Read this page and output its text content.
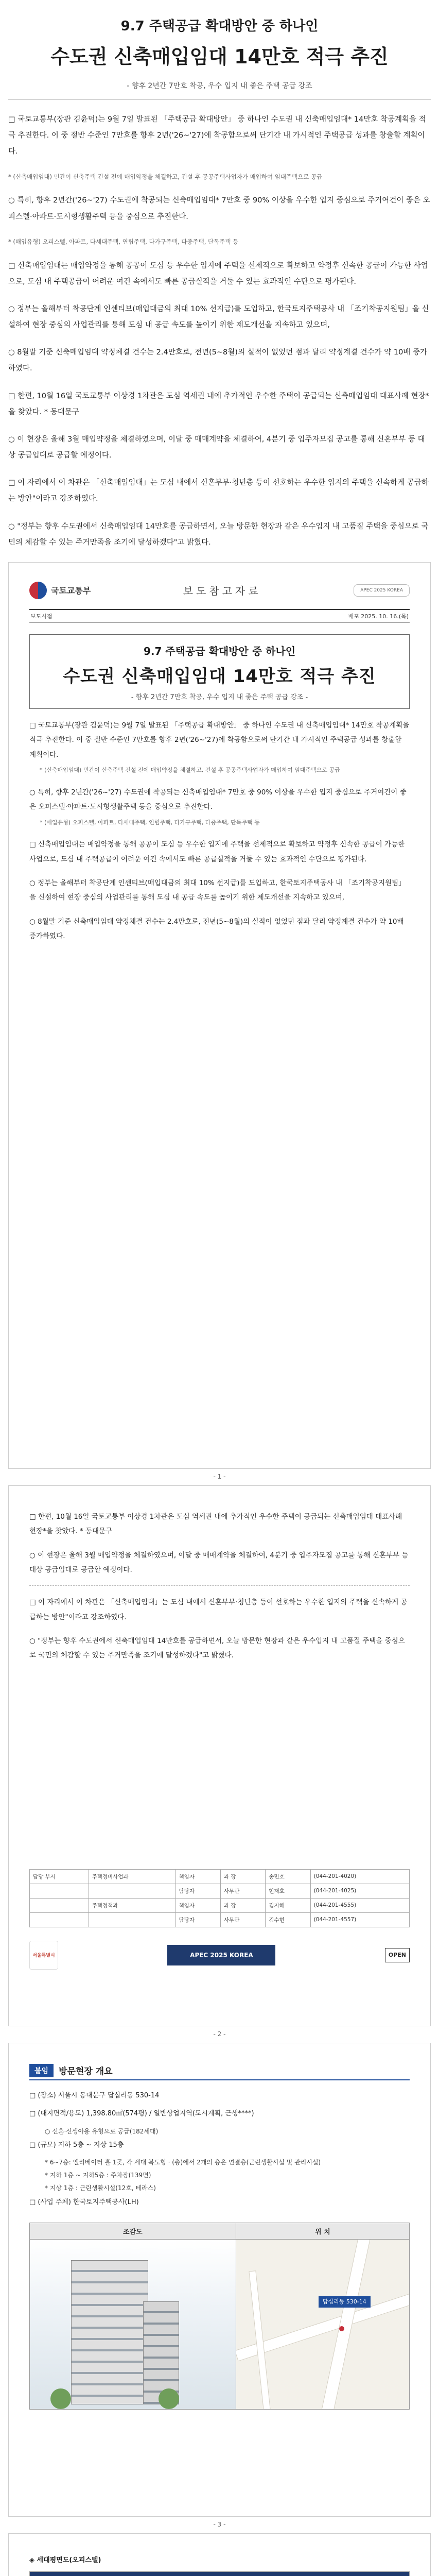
9.7 주택공급 확대방안 중 하나인
수도권 신축매입임대 14만호 적극 추진
- 향후 2년간 7만호 착공, 우수 입지 내 좋은 주택 공급 강조

□ 국토교통부(장관 김윤덕)는 9월 7일 발표된 「주택공급 확대방안」 중 하나인 수도권 내 신축매입임대* 14만호 착공계획을 적극 추진한다. 이 중 절반 수준인 7만호를 향후 2년('26~'27)에 착공함으로써 단기간 내 가시적인 주택공급 성과를 창출할 계획이다.

* (신축매입임대) 민간이 신축주택 건설 전에 매입약정을 체결하고, 건설 후 공공주택사업자가 매입하여 임대주택으로 공급

○ 특히, 향후 2년간('26~'27) 수도권에 착공되는 신축매입임대* 7만호 중 90% 이상을 우수한 입지 중심으로 주거여건이 좋은 오피스텔·아파트·도시형생활주택 등을 중심으로 추진한다.

* (매입유형) 오피스텔, 아파트, 다세대주택, 연립주택, 다가구주택, 다중주택, 단독주택 등

□ 신축매입임대는 매입약정을 통해 공공이 도심 등 우수한 입지에 주택을 선제적으로 확보하고 약정후 신속한 공급이 가능한 사업으로, 도심 내 주택공급이 어려운 여건 속에서도 빠른 공급실적을 거둘 수 있는 효과적인 수단으로 평가된다.

○ 정부는 올해부터 착공단계 인센티브(매입대금의 최대 10% 선지급)를 도입하고, 한국토지주택공사 내 「조기착공지원팀」을 신설하여 현장 중심의 사업관리를 통해 도심 내 공급 속도를 높이기 위한 제도개선을 지속하고 있으며,

○ 8월말 기준 신축매입임대 약정체결 건수는 2.4만호로, 전년(5~8월)의 실적이 없었던 점과 달리 약정계결 건수가 약 10배 증가하였다.

□ 한편, 10월 16일 국토교통부 이상경 1차관은 도심 역세권 내에 추가적인 우수한 주택이 공급되는 신축매입임대 대표사례 현장*을 찾았다. * 동대문구

○ 이 현장은 올해 3월 매입약정을 체결하였으며, 이달 중 매매계약을 체결하여, 4분기 중 입주자모집 공고를 통해 신혼부부 등 대상 공급입대로 공급할 예정이다.

□ 이 자리에서 이 차관은 「신축매입임대」는 도심 내에서 신혼부부·청년층 등이 선호하는 우수한 입지의 주택을 신속하게 공급하는 방안"이라고 강조하였다.

○ "정부는 향후 수도권에서 신축매입임대 14만호를 공급하면서, 오늘 방문한 현장과 같은 우수입지 내 고품질 주택을 중심으로 국민의 체감할 수 있는 주거만족을 조기에 달성하겠다"고 밝혔다.

국토교통부	보도참고자료	APEC 2025 KOREA
보도시점	배포 2025. 10. 16.(목)
9.7 주택공급 확대방안 중 하나인
수도권 신축매입임대 14만호 적극 추진
- 향후 2년간 7만호 착공, 우수 입지 내 좋은 주택 공급 강조 -

□ 국토교통부(장관 김윤덕)는 9월 7일 발표된 「주택공급 확대방안」 중 하나인 수도권 내 신축매입임대* 14만호 착공계획을 적극 추진한다. 이 중 절반 수준인 7만호를 향후 2년('26~'27)에 착공함으로써 단기간 내 가시적인 주택공급 성과를 창출할 계획이다.

* (신축매입임대) 민간이 신축주택 건설 전에 매입약정을 체결하고, 건설 후 공공주택사업자가 매입하여 임대주택으로 공급

○ 특히, 향후 2년간('26~'27) 수도권에 착공되는 신축매입임대* 7만호 중 90% 이상을 우수한 입지 중심으로 주거여건이 좋은 오피스텔·아파트·도시형생활주택 등을 중심으로 추진한다.

* (매입유형) 오피스텔, 아파트, 다세대주택, 연립주택, 다가구주택, 다중주택, 단독주택 등

□ 신축매입임대는 매입약정을 통해 공공이 도심 등 우수한 입지에 주택을 선제적으로 확보하고 약정후 신속한 공급이 가능한 사업으로, 도심 내 주택공급이 어려운 여건 속에서도 빠른 공급실적을 거둘 수 있는 효과적인 수단으로 평가된다.

○ 정부는 올해부터 착공단계 인센티브(매입대금의 최대 10% 선지급)를 도입하고, 한국토지주택공사 내 「조기착공지원팀」을 신설하여 현장 중심의 사업관리를 통해 도심 내 공급 속도를 높이기 위한 제도개선을 지속하고 있으며,

○ 8월말 기준 신축매입임대 약정체결 건수는 2.4만호로, 전년(5~8월)의 실적이 없었던 점과 달리 약정계결 건수가 약 10배 증가하였다.

- 1 -

□ 한편, 10월 16일 국토교통부 이상경 1차관은 도심 역세권 내에 추가적인 우수한 주택이 공급되는 신축매입임대 대표사례 현장*을 찾았다. * 동대문구

○ 이 현장은 올해 3월 매입약정을 체결하였으며, 이달 중 매매계약을 체결하여, 4분기 중 입주자모집 공고를 통해 신혼부부 등 대상 공급입대로 공급할 예정이다.

□ 이 자리에서 이 차관은 「신축매입임대」는 도심 내에서 신혼부부·청년층 등이 선호하는 우수한 입지의 주택을 신속하게 공급하는 방안"이라고 강조하였다.

○ "정부는 향후 수도권에서 신축매입임대 14만호를 공급하면서, 오늘 방문한 현장과 같은 우수입지 내 고품질 주택을 중심으로 국민의 체감할 수 있는 주거만족을 조기에 달성하겠다"고 밝혔다.

담당 부서	주택정비사업과	책임자	과 장	송민호	(044-201-4020)
		담당자	사무관	현재호	(044-201-4025)
	주택정책과	책임자	과 장	김지혜	(044-201-4555)
		담당자	사무관	김수현	(044-201-4557)
서울특별시	APEC 2025 KOREA	OPEN
- 2 -
붙임	방문현장 개요
□ (장소) 서울시 동대문구 답십리동 530-14
□ (대지면적/용도) 1,398.80㎡(574평) / 일반상업지역(도시계획, 근생****)
○ 신혼·신생아용 유형으로 공급(182세대)
□ (규모) 지하 5층 ~ 지상 15층
* 6~7층: 엘리베이터 홀 1곳, 각 세대 복도형 · (총)에서 2개의 층은 연결층(근린생활시설 및 관리시설)
* 지하 1층 ~ 지하5층 : 주차장(139면)
* 지상 1층 : 근린생활시설(12호, 테라스)
□ (사업 주체) 한국토지주택공사(LH)
조감도	위 치

	답십리동 530-14
- 3 -
◈ 세대평면도(오피스텔)
